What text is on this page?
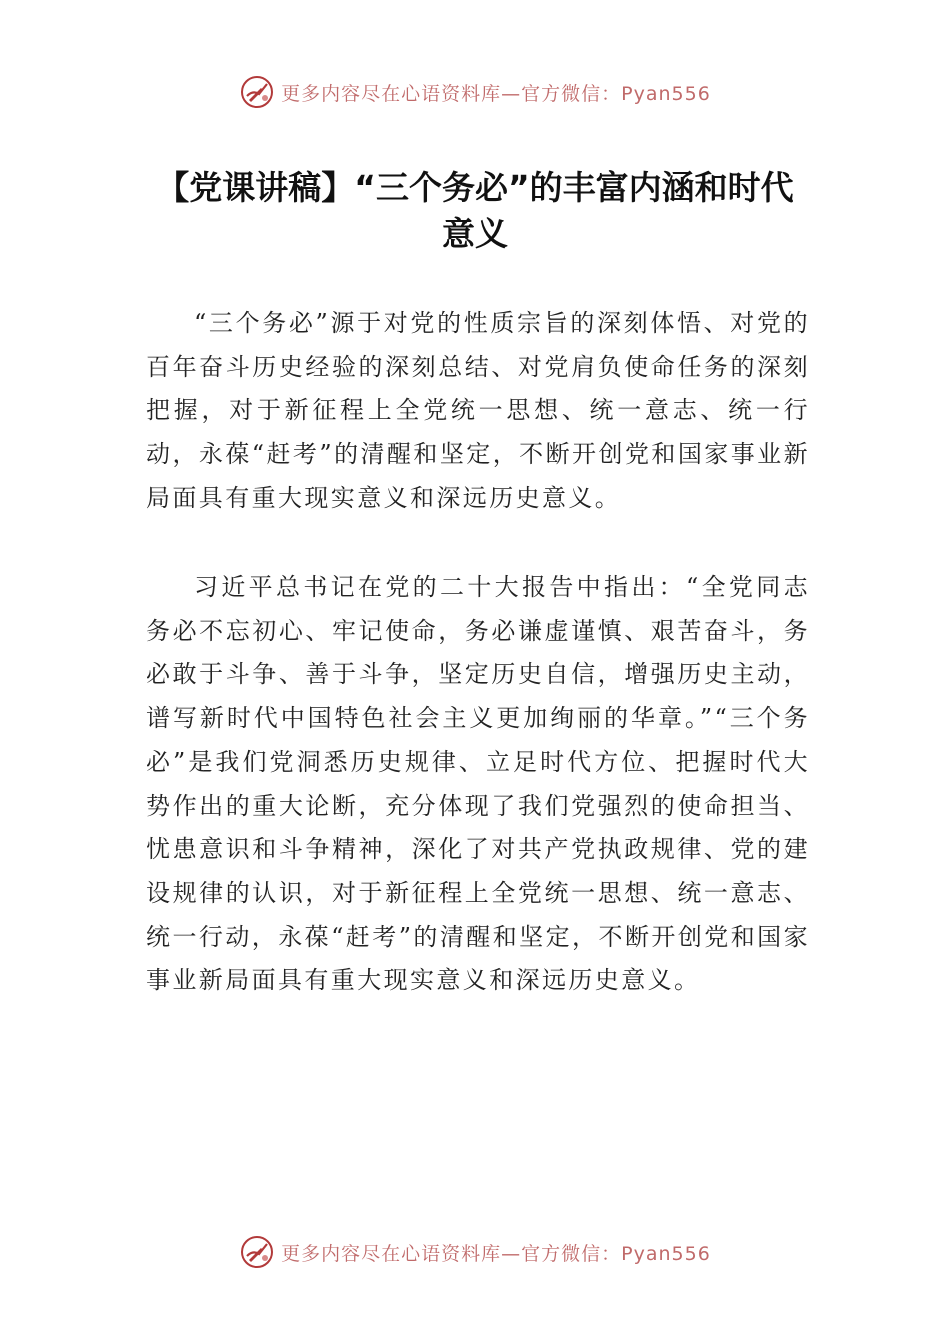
更多内容尽在心语资料库—官方微信：Pyan556
【党课讲稿】“三个务必”的丰富内涵和时代意义

“三个务必”源于对党的性质宗旨的深刻体悟、对党的百年奋斗历史经验的深刻总结、对党肩负使命任务的深刻把握，对于新征程上全党统一思想、统一意志、统一行动，永葆“赶考”的清醒和坚定，不断开创党和国家事业新局面具有重大现实意义和深远历史意义。

习近平总书记在党的二十大报告中指出：“全党同志务必不忘初心、牢记使命，务必谦虚谨慎、艰苦奋斗，务必敢于斗争、善于斗争，坚定历史自信，增强历史主动，谱写新时代中国特色社会主义更加绚丽的华章。”“三个务必”是我们党洞悉历史规律、立足时代方位、把握时代大势作出的重大论断，充分体现了我们党强烈的使命担当、忧患意识和斗争精神，深化了对共产党执政规律、党的建设规律的认识，对于新征程上全党统一思想、统一意志、统一行动，永葆“赶考”的清醒和坚定，不断开创党和国家事业新局面具有重大现实意义和深远历史意义。

更多内容尽在心语资料库—官方微信：Pyan556
